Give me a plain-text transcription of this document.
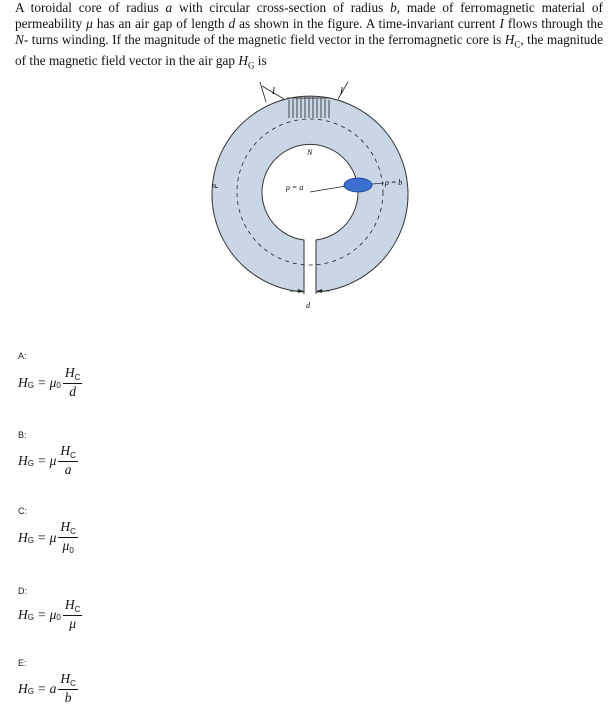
A toroidal core of radius a with circular cross-section of radius b, made of ferromagnetic material of permeability μ has an air gap of length d as shown in the figure. A time-invariant current I flows through the N- turns winding. If the magnitude of the magnetic field vector in the ferromagnetic core is $H_C$, the magnitude of the magnetic field vector in the air gap $H_G$ is

I	I
N
μ	ρ = a
ρ = b
d
A:
H G = μ $0 \frac{H_C}{d}$
B:
H G = μ $\frac{H_C}{a}$
C:
H G = μ $\frac{H_C}{\mu_0}$
D:
H G = μ $0 \frac{H_C}{\mu}$
E:
H G = a $\frac{H_C}{b}$
